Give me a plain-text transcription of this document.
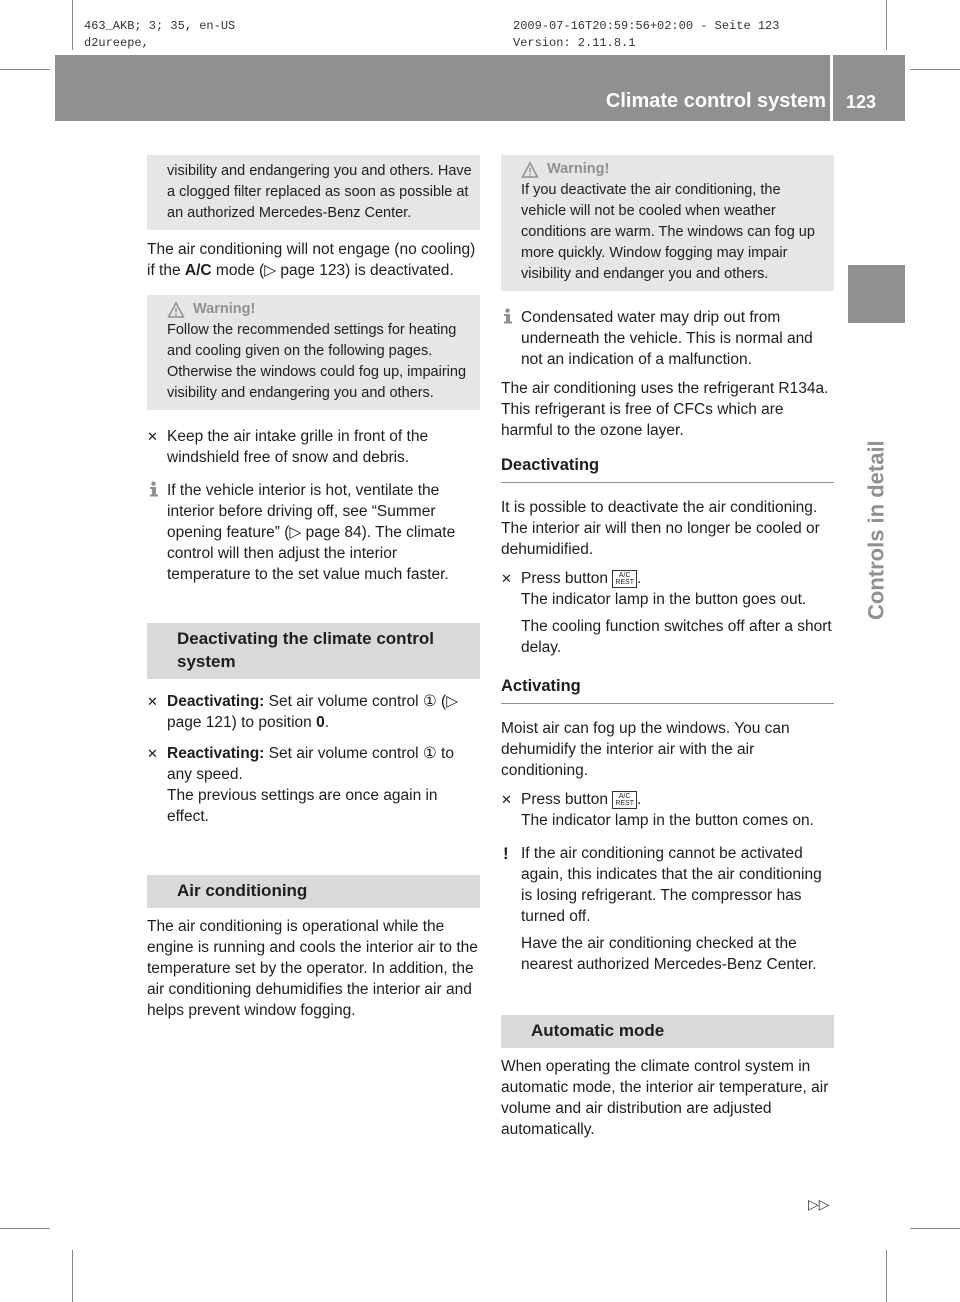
463_AKB; 3; 35, en-US
d2ureepe,
2009-07-16T20:59:56+02:00 - Seite 123
Version: 2.11.8.1
Climate control system 123
Controls in detail

visibility and endangering you and others. Have a clogged filter replaced as soon as possible at an authorized Mercedes-Benz Center.

The air conditioning will not engage (no cooling) if the A/C mode (▷ page 123) is deactivated.

Warning!

Follow the recommended settings for heating and cooling given on the following pages. Otherwise the windows could fog up, impairing visibility and endangering you and others.

✕ Keep the air intake grille in front of the windshield free of snow and debris.
If the vehicle interior is hot, ventilate the interior before driving off, see “Summer opening feature” (▷ page 84). The climate control will then adjust the interior temperature to the set value much faster.
Deactivating the climate control system
✕ Deactivating: Set air volume control ① (▷ page 121) to position 0.
✕ Reactivating: Set air volume control ① to any speed.
The previous settings are once again in effect.
Air conditioning

The air conditioning is operational while the engine is running and cools the interior air to the temperature set by the operator. In addition, the air conditioning dehumidifies the interior air and helps prevent window fogging.

Warning!

If you deactivate the air conditioning, the vehicle will not be cooled when weather conditions are warm. The windows can fog up more quickly. Window fogging may impair visibility and endanger you and others.

Condensated water may drip out from underneath the vehicle. This is normal and not an indication of a malfunction.

The air conditioning uses the refrigerant R134a. This refrigerant is free of CFCs which are harmful to the ozone layer.

Deactivating

It is possible to deactivate the air conditioning. The interior air will then no longer be cooled or dehumidified.

✕ Press button A/C
REST .
The indicator lamp in the button goes out.

The cooling function switches off after a short delay.

Activating

Moist air can fog up the windows. You can dehumidify the interior air with the air conditioning.

✕ Press button A/C
REST .
The indicator lamp in the button comes on.
! If the air conditioning cannot be activated again, this indicates that the air conditioning is losing refrigerant. The compressor has turned off.

Have the air conditioning checked at the nearest authorized Mercedes-Benz Center.

Automatic mode

When operating the climate control system in automatic mode, the interior air temperature, air volume and air distribution are adjusted automatically.

▷▷
